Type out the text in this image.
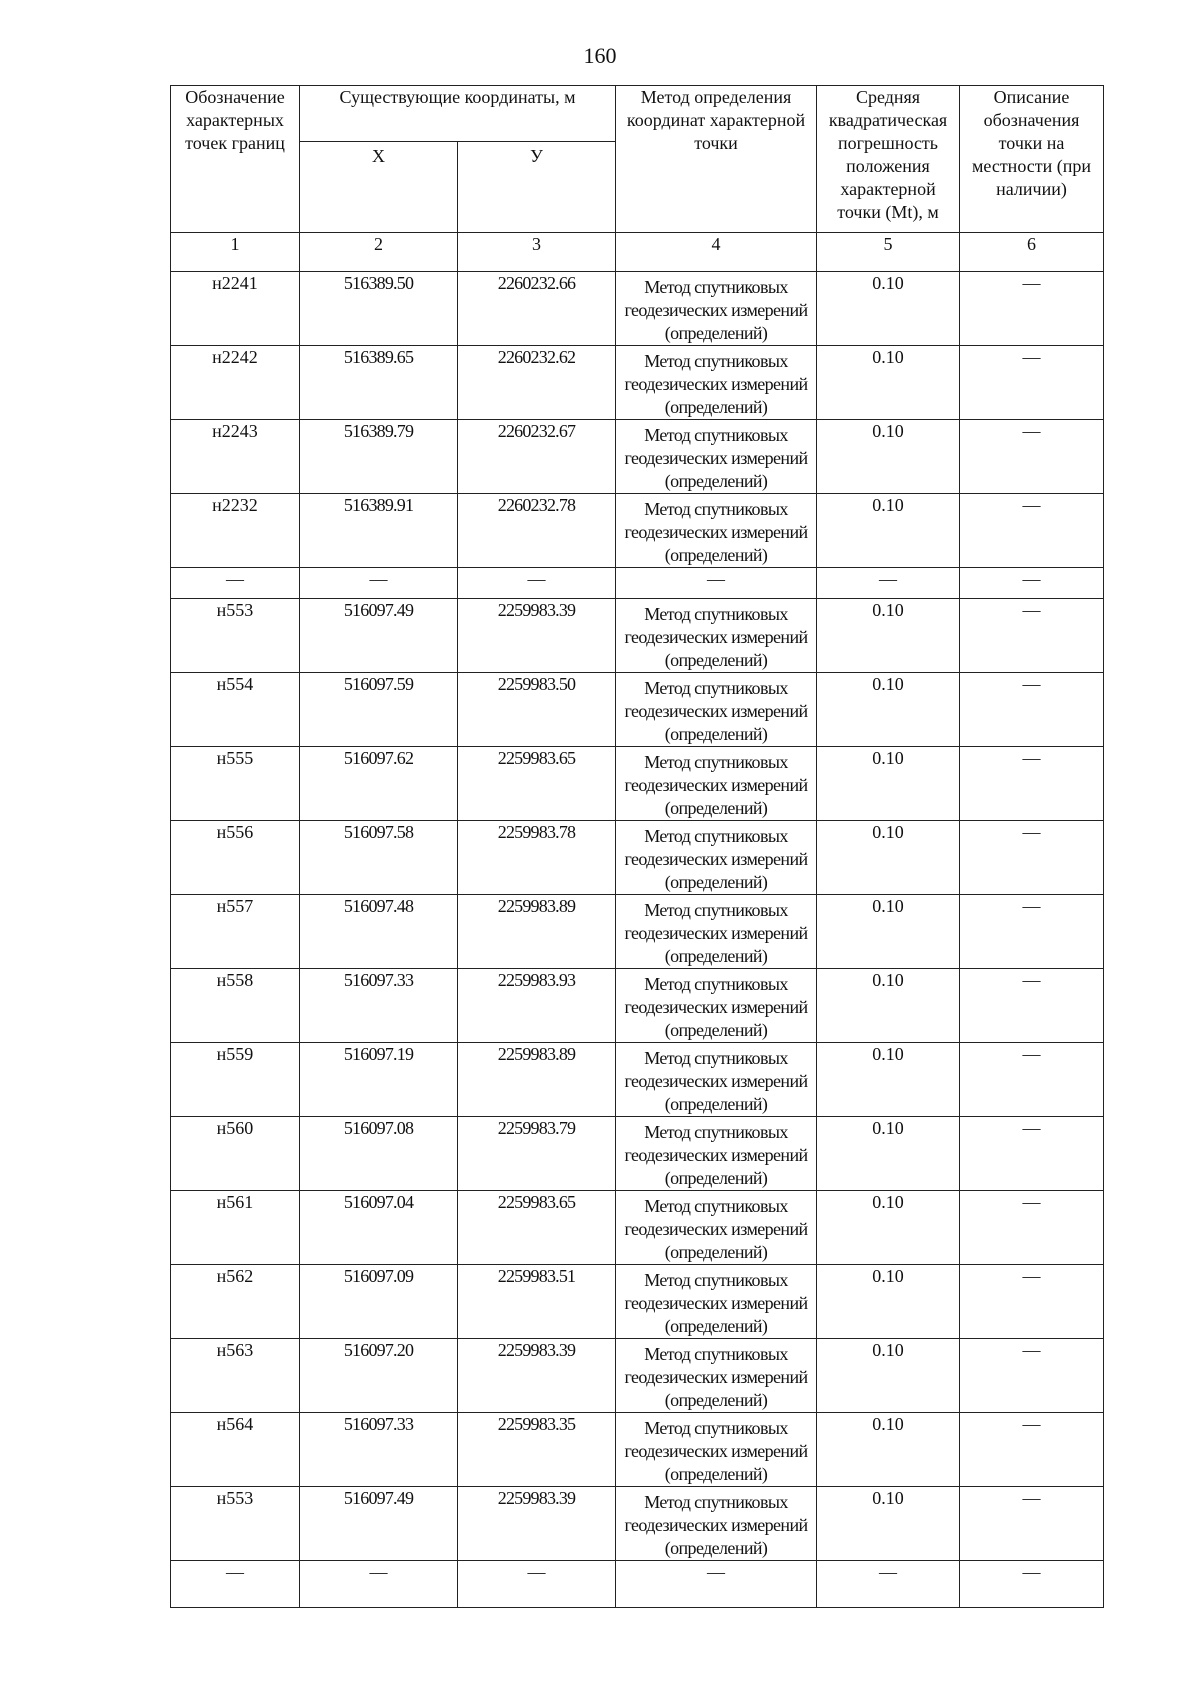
160
Обозначение характерных точек границ	Существующие координаты, м		Метод определения координат характерной точки	Средняя квадратическая погрешность положения характерной точки (Mt), м	Описание обозначения точки на местности (при наличии)
	X	У			
1	2	3	4	5	6
н2241	516389.50	2260232.66	Метод спутниковых геодезических измерений (определений)	0.10	—
н2242	516389.65	2260232.62	Метод спутниковых геодезических измерений (определений)	0.10	—
н2243	516389.79	2260232.67	Метод спутниковых геодезических измерений (определений)	0.10	—
н2232	516389.91	2260232.78	Метод спутниковых геодезических измерений (определений)	0.10	—
—	—	—	—	—	—
н553	516097.49	2259983.39	Метод спутниковых геодезических измерений (определений)	0.10	—
н554	516097.59	2259983.50	Метод спутниковых геодезических измерений (определений)	0.10	—
н555	516097.62	2259983.65	Метод спутниковых геодезических измерений (определений)	0.10	—
н556	516097.58	2259983.78	Метод спутниковых геодезических измерений (определений)	0.10	—
н557	516097.48	2259983.89	Метод спутниковых геодезических измерений (определений)	0.10	—
н558	516097.33	2259983.93	Метод спутниковых геодезических измерений (определений)	0.10	—
н559	516097.19	2259983.89	Метод спутниковых геодезических измерений (определений)	0.10	—
н560	516097.08	2259983.79	Метод спутниковых геодезических измерений (определений)	0.10	—
н561	516097.04	2259983.65	Метод спутниковых геодезических измерений (определений)	0.10	—
н562	516097.09	2259983.51	Метод спутниковых геодезических измерений (определений)	0.10	—
н563	516097.20	2259983.39	Метод спутниковых геодезических измерений (определений)	0.10	—
н564	516097.33	2259983.35	Метод спутниковых геодезических измерений (определений)	0.10	—
н553	516097.49	2259983.39	Метод спутниковых геодезических измерений (определений)	0.10	—
—	—	—	—	—	—
